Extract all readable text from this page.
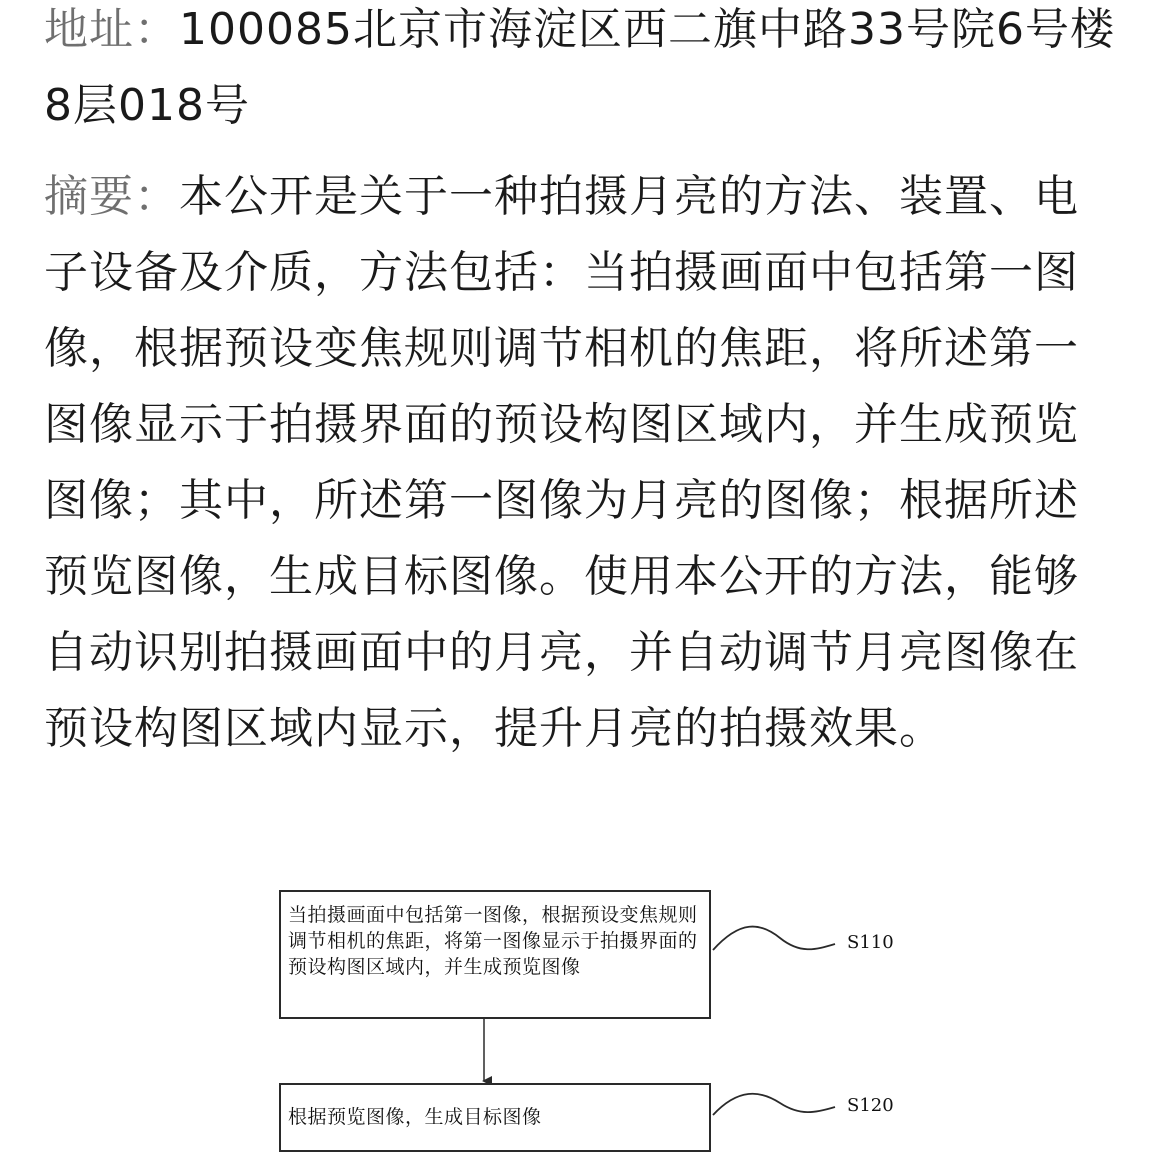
地址：100085北京市海淀区西二旗中路33号院6号楼8层018号
摘要：本公开是关于一种拍摄月亮的方法、装置、电子设备及介质，方法包括：当拍摄画面中包括第一图像，根据预设变焦规则调节相机的焦距，将所述第一图像显示于拍摄界面的预设构图区域内，并生成预览图像；其中，所述第一图像为月亮的图像；根据所述预览图像，生成目标图像。使用本公开的方法，能够自动识别拍摄画面中的月亮，并自动调节月亮图像在预设构图区域内显示，提升月亮的拍摄效果。
当拍摄画面中包括第一图像，根据预设变焦规则调节相机的焦距，将第一图像显示于拍摄界面的预设构图区域内，并生成预览图像
根据预览图像，生成目标图像
S110
S120
